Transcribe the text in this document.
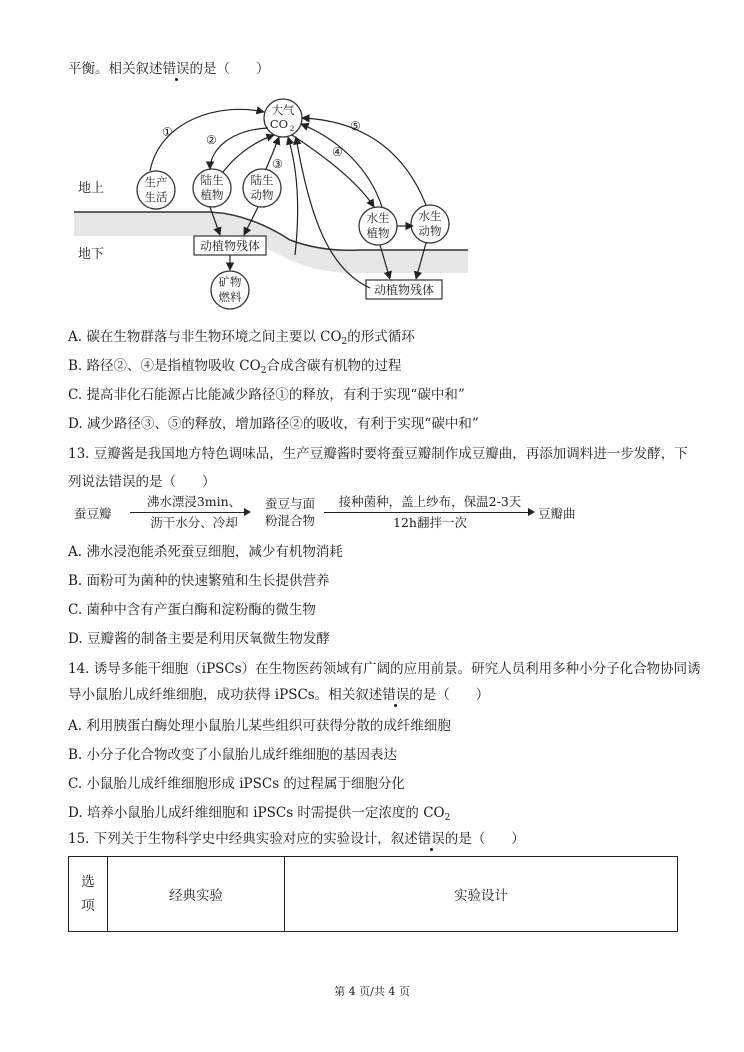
平衡。相关叙述错误的是（ ）
地上
地下
大气
CO 2
生产
生活
陆生
植物
陆生
动物
水生
植物
水生
动物
矿物
燃料
动植物残体
动植物残体
①
②
③
④
⑤
A. 碳在生物群落与非生物环境之间主要以 $CO_2$的形式循环
B. 路径②、④是指植物吸收 $CO_2$合成含碳有机物的过程
C. 提高非化石能源占比能减少路径①的释放，有利于实现“碳中和”
D. 减少路径③、⑤的释放，增加路径②的吸收，有利于实现“碳中和”
13. 豆瓣酱是我国地方特色调味品，生产豆瓣酱时要将蚕豆瓣制作成豆瓣曲，再添加调料进一步发酵，下
列说法错误的是（ ）
蚕豆瓣
沸水漂浸3min、
沥干水分、冷却
蚕豆与面
粉混合物
接种菌种，盖上纱布，保温2-3天
12h翻拌一次
豆瓣曲
A. 沸水浸泡能杀死蚕豆细胞，减少有机物消耗
B. 面粉可为菌种的快速繁殖和生长提供营养
C. 菌种中含有产蛋白酶和淀粉酶的微生物
D. 豆瓣酱的制备主要是利用厌氧微生物发酵
14. 诱导多能干细胞（iPSCs）在生物医药领域有广阔的应用前景。研究人员利用多种小分子化合物协同诱
导小鼠胎儿成纤维细胞，成功获得 iPSCs。相关叙述错误的是（ ）
A. 利用胰蛋白酶处理小鼠胎儿某些组织可获得分散的成纤维细胞
B. 小分子化合物改变了小鼠胎儿成纤维细胞的基因表达
C. 小鼠胎儿成纤维细胞形成 iPSCs 的过程属于细胞分化
D. 培养小鼠胎儿成纤维细胞和 iPSCs 时需提供一定浓度的 $CO_2$
15. 下列关于生物科学史中经典实验对应的实验设计，叙述错误的是（ ）
选
项	经典实验	实验设计
第 4 页/共 4 页
